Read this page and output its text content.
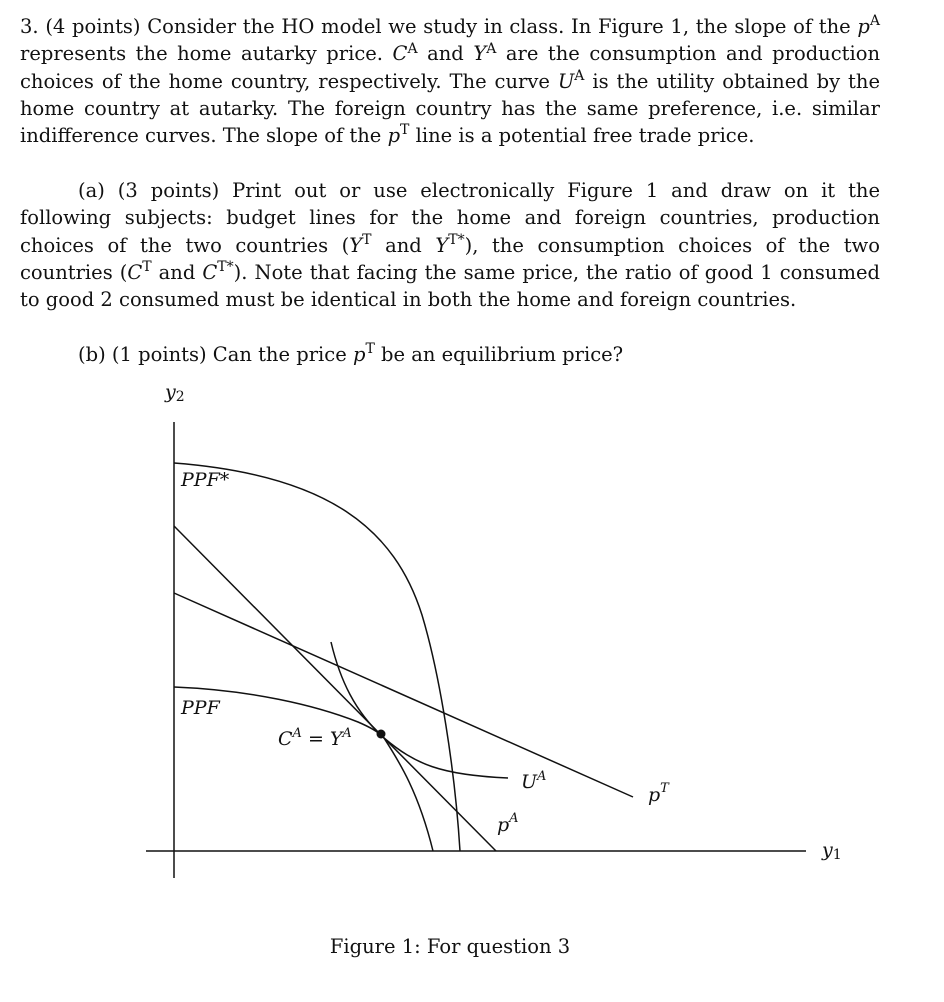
3. (4 points) Consider the HO model we study in class. In Figure 1, the slope of the $p^A$ represents the home autarky price. $C^A$ and $Y^A$ are the consumption and production choices of the home country, respectively. The curve $U^A$ is the utility obtained by the home country at autarky. The foreign country has the same preference, i.e. similar indifference curves. The slope of the $p^T$ line is a potential free trade price.

(a) (3 points) Print out or use electronically Figure 1 and draw on it the following subjects: budget lines for the home and foreign countries, production choices of the two countries ($Y^T$ and $Y^{T*}$), the consumption choices of the two countries ($C^T$ and $C^{T*}$). Note that facing the same price, the ratio of good 1 consumed to good 2 consumed must be identical in both the home and foreign countries.

(b) (1 points) Can the price $p^T$ be an equilibrium price?

y2
y1
PPF*
PPF
$C^A = Y^A$
$U^A$
$p^A$
$p^T$
Figure 1: For question 3
